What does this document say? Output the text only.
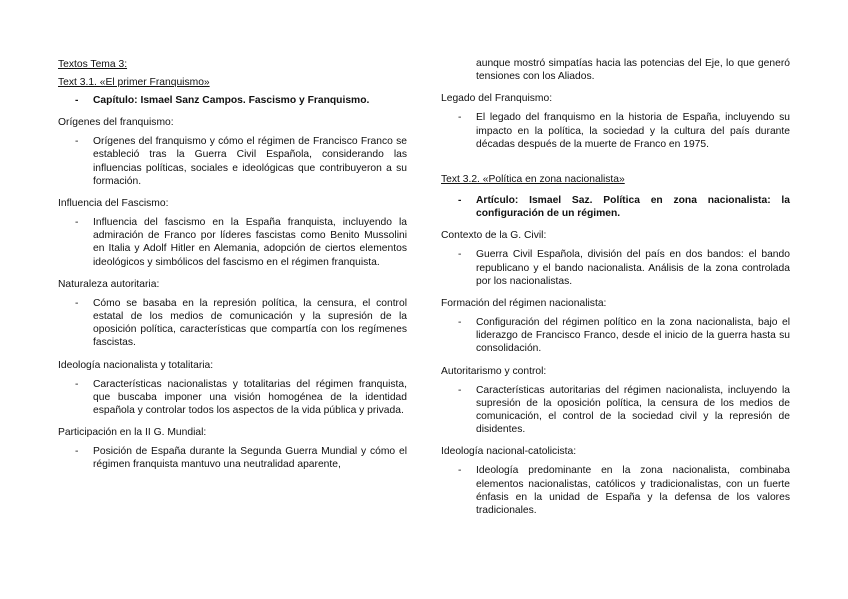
Textos Tema 3:

Text 3.1. «El primer Franquismo»

- Capítulo: Ismael Sanz Campos. Fascismo y Franquismo.

Orígenes del franquismo:

- Orígenes del franquismo y cómo el régimen de Francisco Franco se estableció tras la Guerra Civil Española, considerando las influencias políticas, sociales e ideológicas que contribuyeron a su formación.

Influencia del Fascismo:

- Influencia del fascismo en la España franquista, incluyendo la admiración de Franco por líderes fascistas como Benito Mussolini en Italia y Adolf Hitler en Alemania, adopción de ciertos elementos ideológicos y simbólicos del fascismo en el régimen franquista.

Naturaleza autoritaria:

- Cómo se basaba en la represión política, la censura, el control estatal de los medios de comunicación y la supresión de la oposición política, características que compartía con los regímenes fascistas.

Ideología nacionalista y totalitaria:

- Características nacionalistas y totalitarias del régimen franquista, que buscaba imponer una visión homogénea de la identidad española y controlar todos los aspectos de la vida pública y privada.

Participación en la II G. Mundial:

- Posición de España durante la Segunda Guerra Mundial y cómo el régimen franquista mantuvo una neutralidad aparente,

aunque mostró simpatías hacia las potencias del Eje, lo que generó tensiones con los Aliados.

Legado del Franquismo:

- El legado del franquismo en la historia de España, incluyendo su impacto en la política, la sociedad y la cultura del país durante décadas después de la muerte de Franco en 1975.

Text 3.2. «Política en zona nacionalista»

- Artículo: Ismael Saz. Política en zona nacionalista: la configuración de un régimen.

Contexto de la G. Civil:

- Guerra Civil Española, división del país en dos bandos: el bando republicano y el bando nacionalista. Análisis de la zona controlada por los nacionalistas.

Formación del régimen nacionalista:

- Configuración del régimen político en la zona nacionalista, bajo el liderazgo de Francisco Franco, desde el inicio de la guerra hasta su consolidación.

Autoritarismo y control:

- Características autoritarias del régimen nacionalista, incluyendo la supresión de la oposición política, la censura de los medios de comunicación, el control de la sociedad civil y la represión de disidentes.

Ideología nacional-catolicista:

- Ideología predominante en la zona nacionalista, combinaba elementos nacionalistas, católicos y tradicionalistas, con un fuerte énfasis en la unidad de España y la defensa de los valores tradicionales.
